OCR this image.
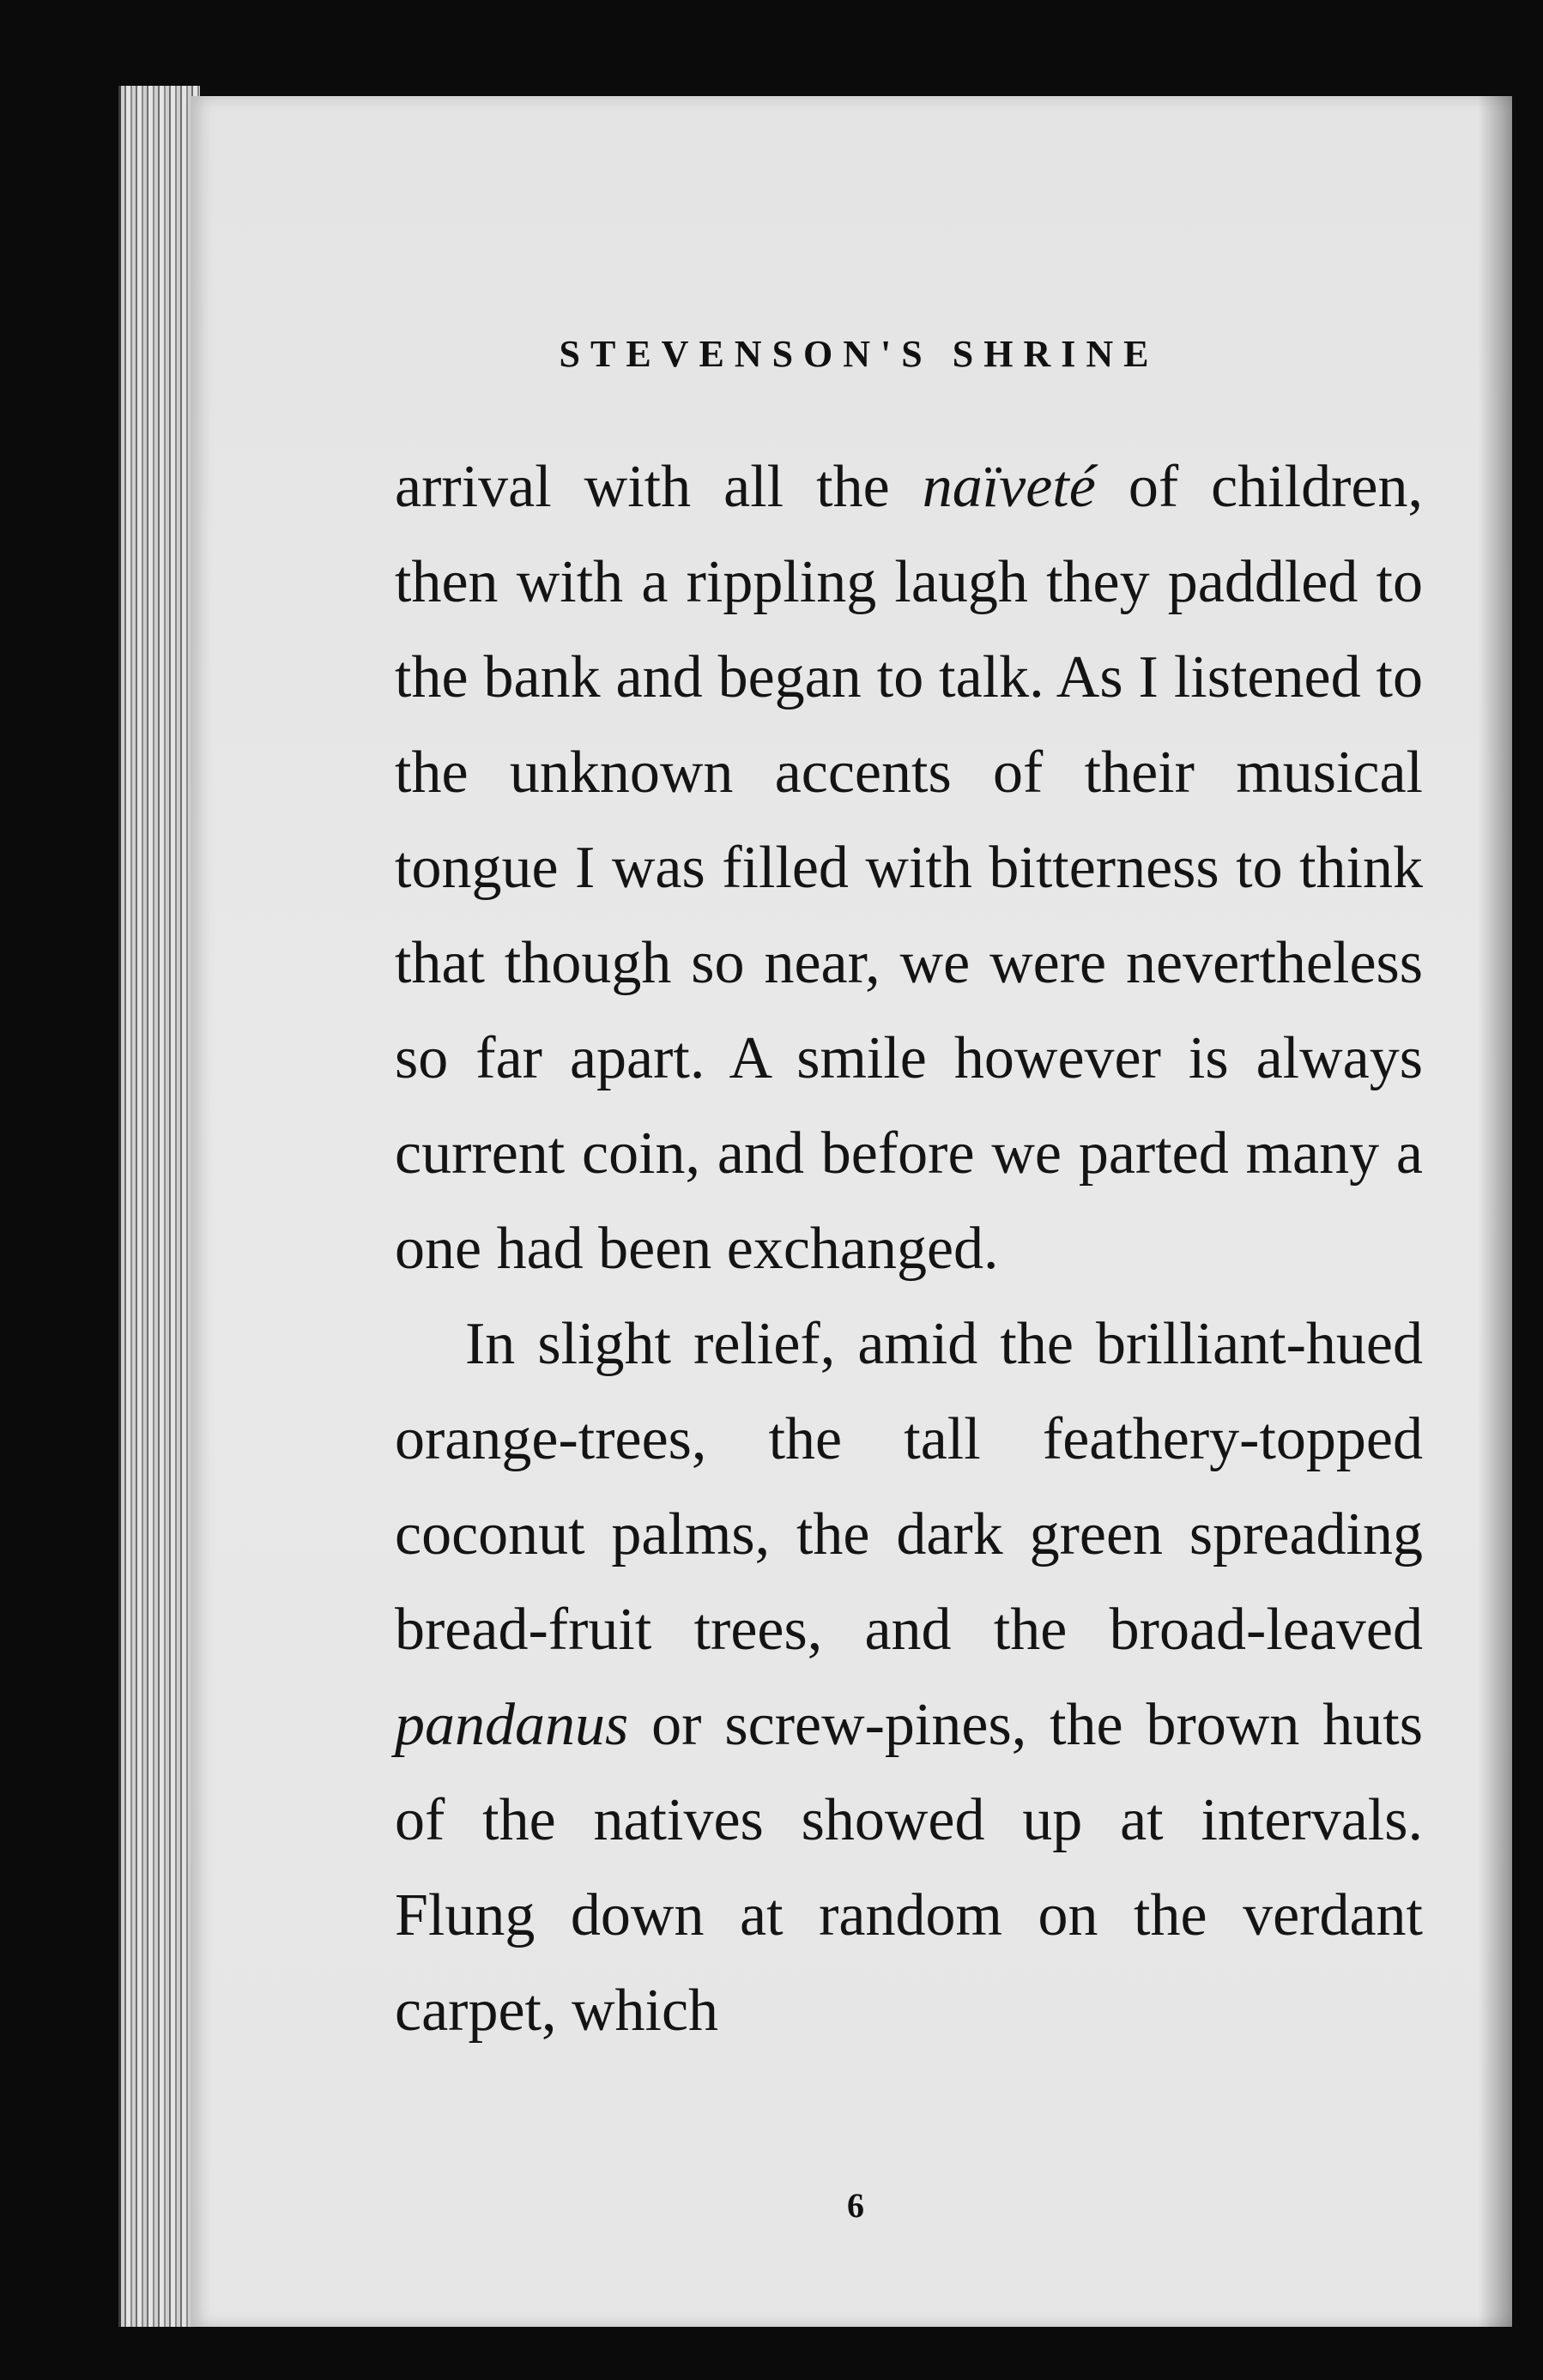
STEVENSON'S SHRINE

arrival with all the naïveté of children, then with a rippling laugh they paddled to the bank and began to talk. As I listened to the unknown accents of their musical tongue I was filled with bitterness to think that though so near, we were nevertheless so far apart. A smile however is always current coin, and before we parted many a one had been exchanged.

In slight relief, amid the brilliant-hued orange-trees, the tall feathery-topped coconut palms, the dark green spreading bread-fruit trees, and the broad-leaved pandanus or screw-pines, the brown huts of the natives showed up at intervals. Flung down at random on the verdant carpet, which

6
